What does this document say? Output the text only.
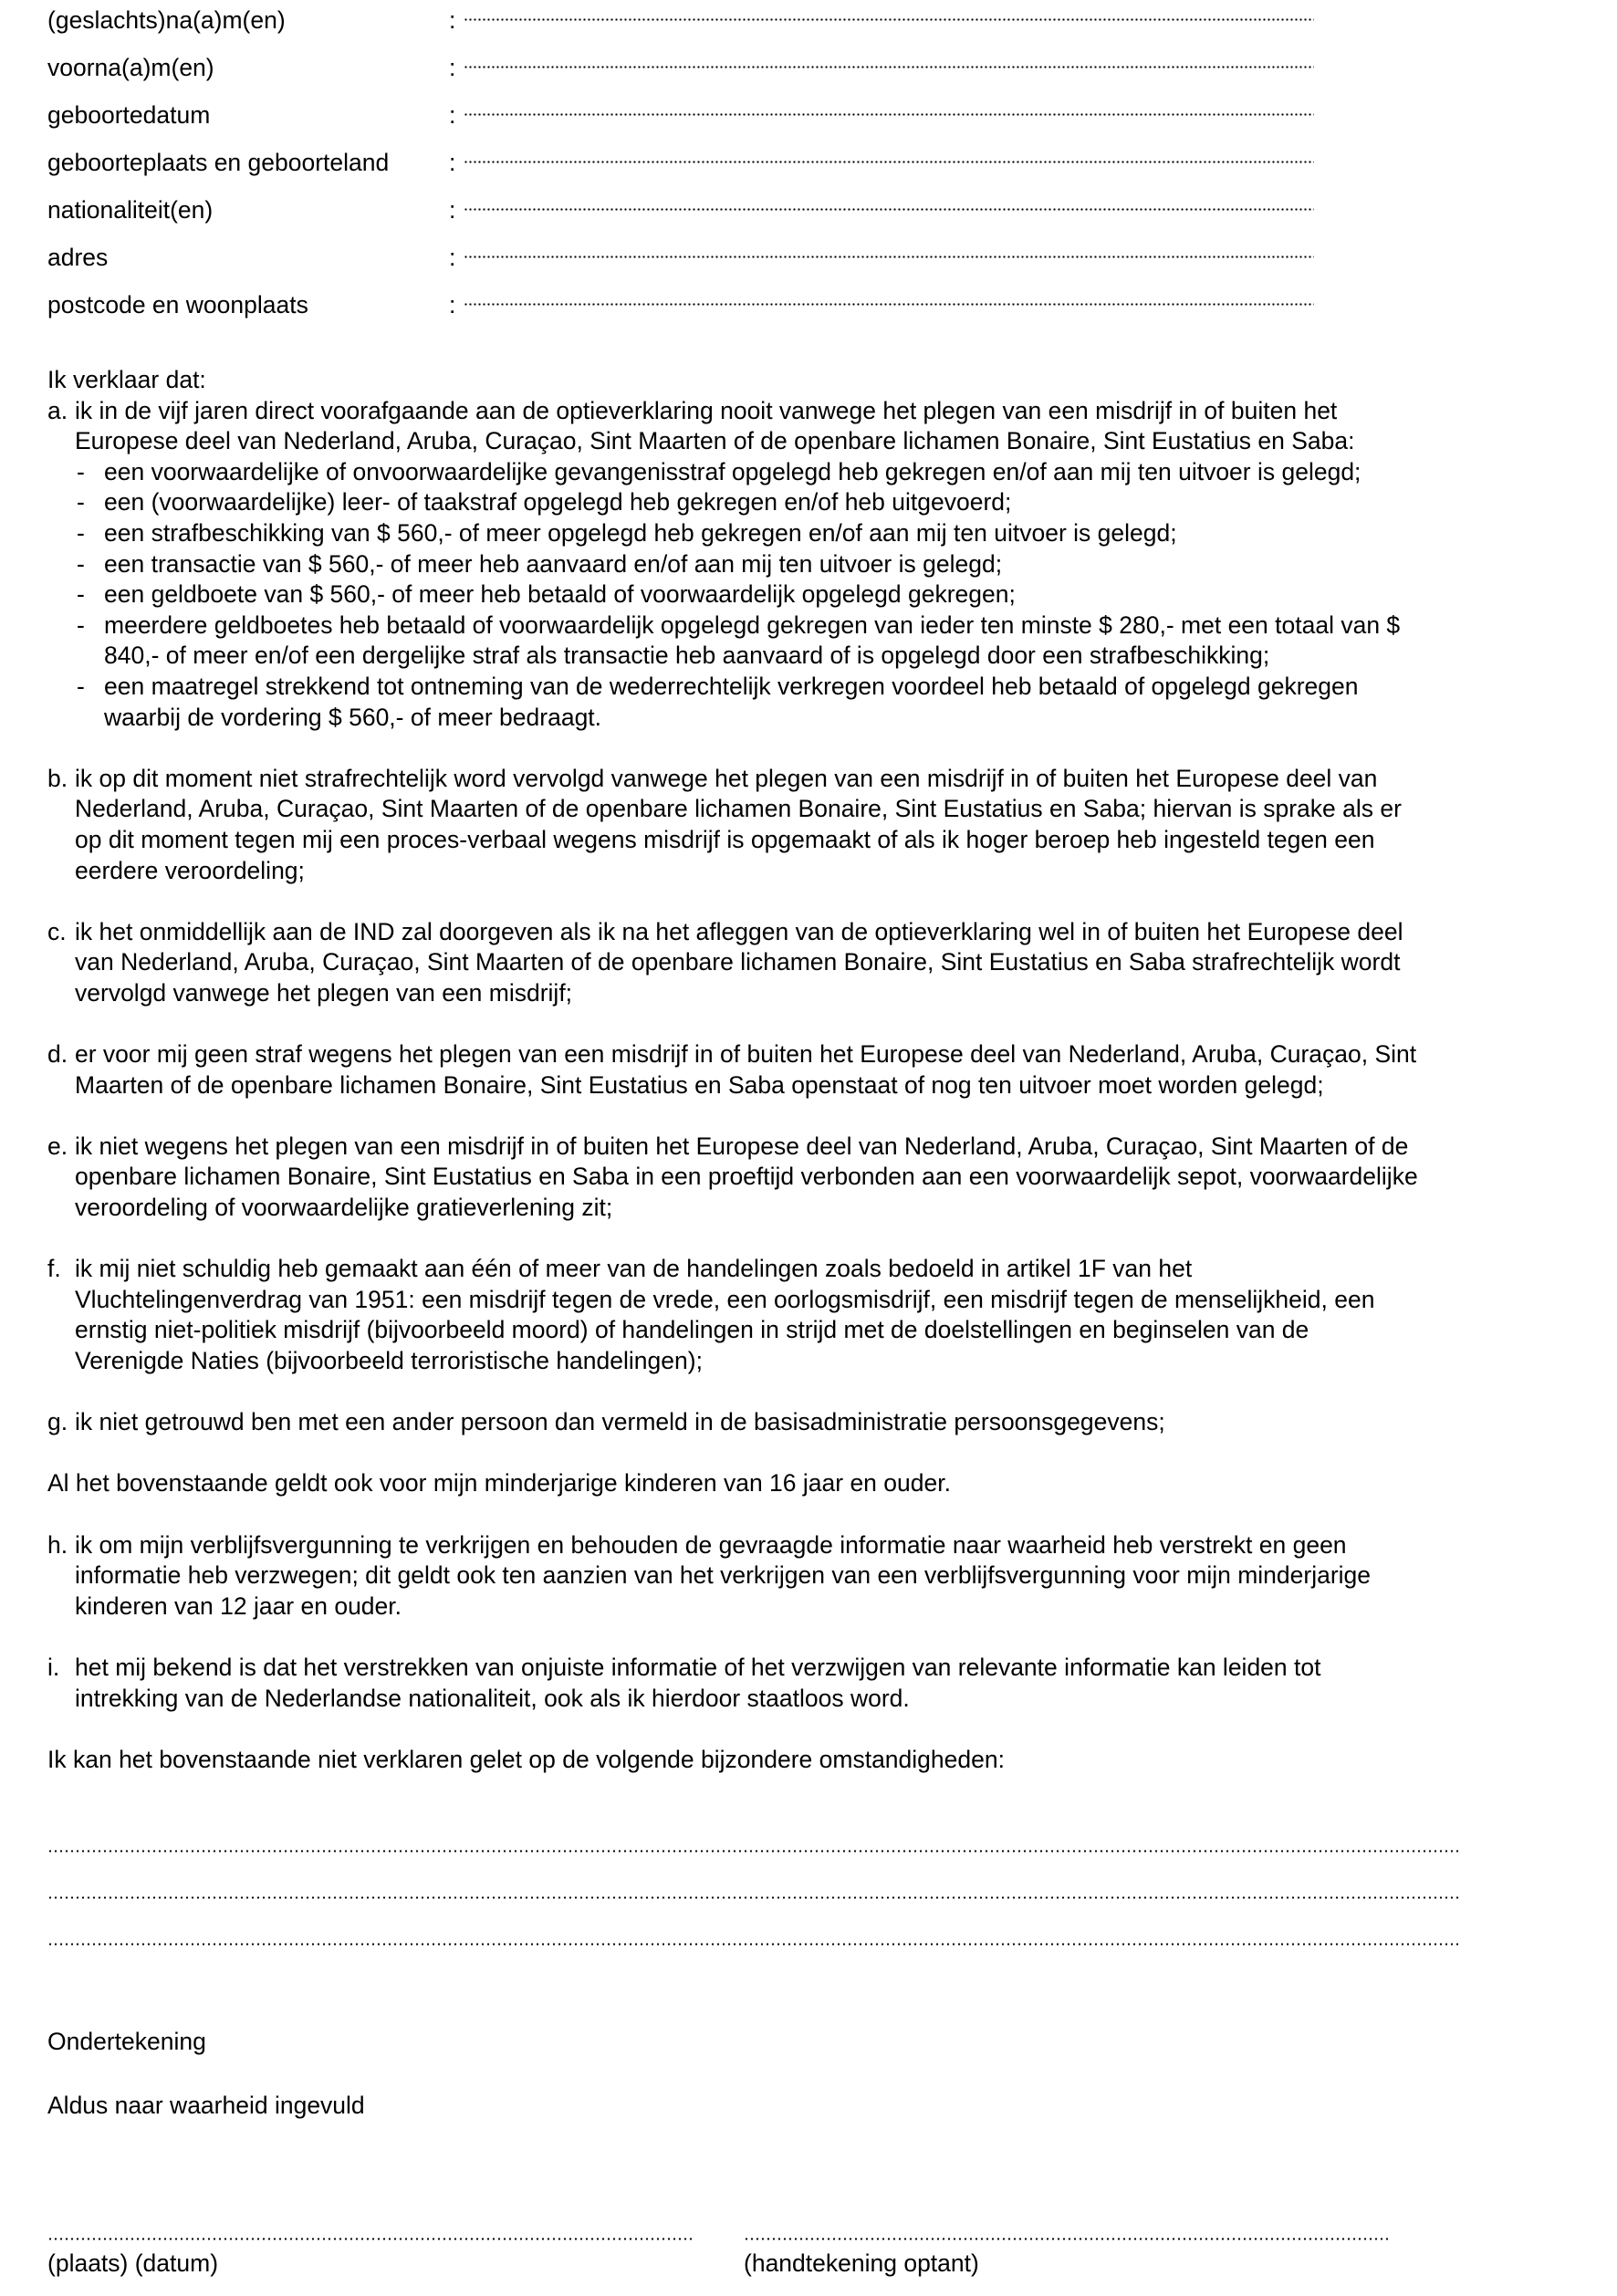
(geslachts)na(a)m(en)	:
voorna(a)m(en)	:
geboortedatum	:
geboorteplaats en geboorteland :
nationaliteit(en)	:
adres	:
postcode en woonplaats	:
Ik verklaar dat:
a. ik in de vijf jaren direct voorafgaande aan de optieverklaring nooit vanwege het plegen van een misdrijf in of buiten het
Europese deel van Nederland, Aruba, Curaçao, Sint Maarten of de openbare lichamen Bonaire, Sint Eustatius en Saba:
- een voorwaardelijke of onvoorwaardelijke gevangenisstraf opgelegd heb gekregen en/of aan mij ten uitvoer is gelegd;
- een (voorwaardelijke) leer- of taakstraf opgelegd heb gekregen en/of heb uitgevoerd;
- een strafbeschikking van $ 560,- of meer opgelegd heb gekregen en/of aan mij ten uitvoer is gelegd;
- een transactie van $ 560,- of meer heb aanvaard en/of aan mij ten uitvoer is gelegd;
- een geldboete van $ 560,- of meer heb betaald of voorwaardelijk opgelegd gekregen;
- meerdere geldboetes heb betaald of voorwaardelijk opgelegd gekregen van ieder ten minste $ 280,- met een totaal van $
840,- of meer en/of een dergelijke straf als transactie heb aanvaard of is opgelegd door een strafbeschikking;
- een maatregel strekkend tot ontneming van de wederrechtelijk verkregen voordeel heb betaald of opgelegd gekregen
waarbij de vordering $ 560,- of meer bedraagt.
b. ik op dit moment niet strafrechtelijk word vervolgd vanwege het plegen van een misdrijf in of buiten het Europese deel van
Nederland, Aruba, Curaçao, Sint Maarten of de openbare lichamen Bonaire, Sint Eustatius en Saba; hiervan is sprake als er
op dit moment tegen mij een proces-verbaal wegens misdrijf is opgemaakt of als ik hoger beroep heb ingesteld tegen een
eerdere veroordeling;
c. ik het onmiddellijk aan de IND zal doorgeven als ik na het afleggen van de optieverklaring wel in of buiten het Europese deel
van Nederland, Aruba, Curaçao, Sint Maarten of de openbare lichamen Bonaire, Sint Eustatius en Saba strafrechtelijk wordt
vervolgd vanwege het plegen van een misdrijf;
d. er voor mij geen straf wegens het plegen van een misdrijf in of buiten het Europese deel van Nederland, Aruba, Curaçao, Sint
Maarten of de openbare lichamen Bonaire, Sint Eustatius en Saba openstaat of nog ten uitvoer moet worden gelegd;
e. ik niet wegens het plegen van een misdrijf in of buiten het Europese deel van Nederland, Aruba, Curaçao, Sint Maarten of de
openbare lichamen Bonaire, Sint Eustatius en Saba in een proeftijd verbonden aan een voorwaardelijk sepot, voorwaardelijke
veroordeling of voorwaardelijke gratieverlening zit;
f. ik mij niet schuldig heb gemaakt aan één of meer van de handelingen zoals bedoeld in artikel 1F van het
Vluchtelingenverdrag van 1951: een misdrijf tegen de vrede, een oorlogsmisdrijf, een misdrijf tegen de menselijkheid, een
ernstig niet-politiek misdrijf (bijvoorbeeld moord) of handelingen in strijd met de doelstellingen en beginselen van de
Verenigde Naties (bijvoorbeeld terroristische handelingen);
g. ik niet getrouwd ben met een ander persoon dan vermeld in de basisadministratie persoonsgegevens;
Al het bovenstaande geldt ook voor mijn minderjarige kinderen van 16 jaar en ouder.
h. ik om mijn verblijfsvergunning te verkrijgen en behouden de gevraagde informatie naar waarheid heb verstrekt en geen
informatie heb verzwegen; dit geldt ook ten aanzien van het verkrijgen van een verblijfsvergunning voor mijn minderjarige
kinderen van 12 jaar en ouder.
i. het mij bekend is dat het verstrekken van onjuiste informatie of het verzwijgen van relevante informatie kan leiden tot
intrekking van de Nederlandse nationaliteit, ook als ik hierdoor staatloos word.
Ik kan het bovenstaande niet verklaren gelet op de volgende bijzondere omstandigheden:
Ondertekening
Aldus naar waarheid ingevuld
(plaats) (datum)	(handtekening optant)
